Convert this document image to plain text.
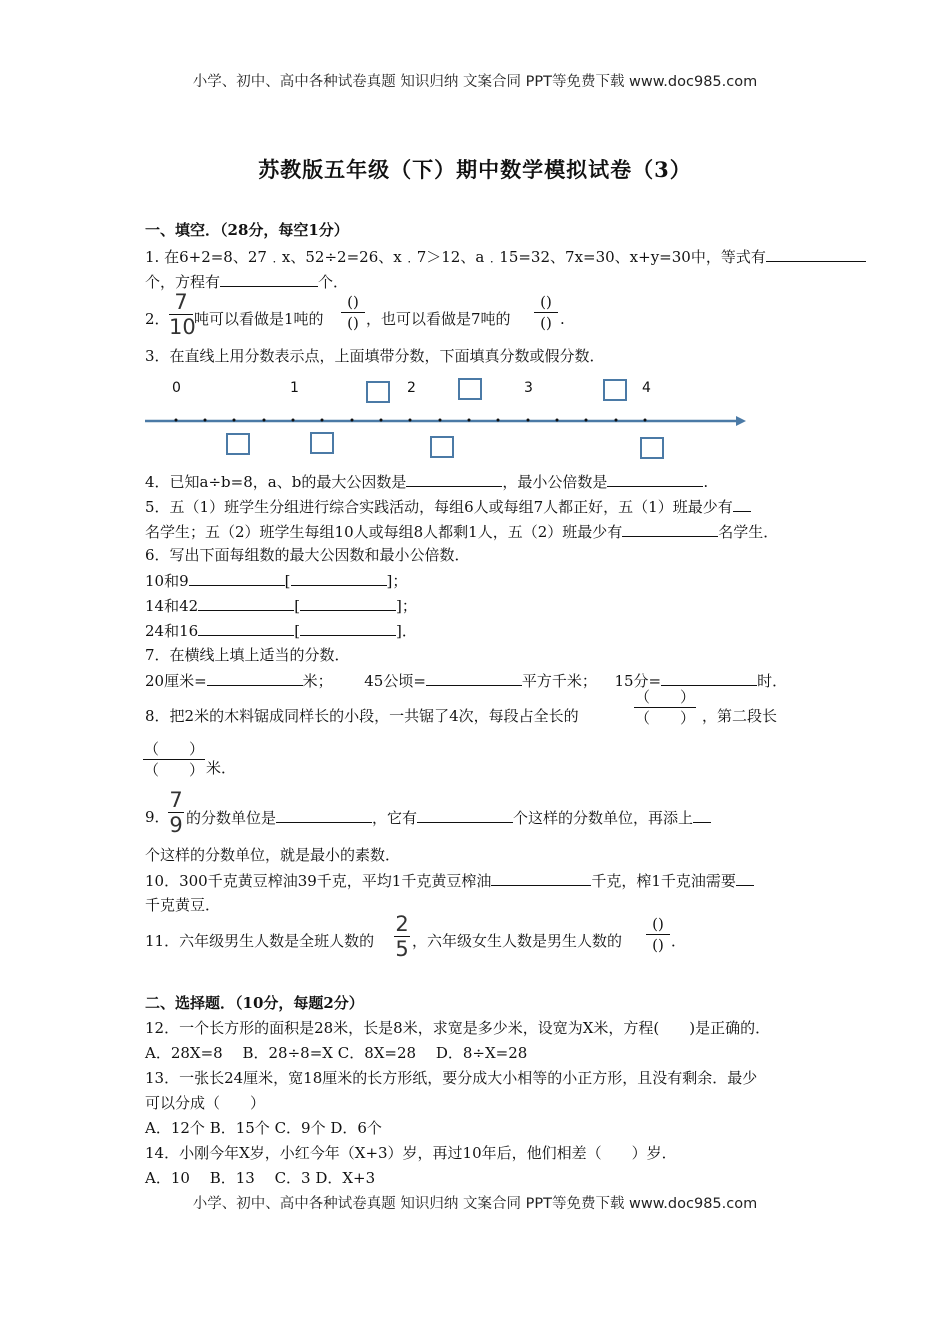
小学、初中、高中各种试卷真题 知识归纳 文案合同 PPT等免费下载 www.doc985.com
苏教版五年级（下）期中数学模拟试卷（3）
一、填空．（28分，每空1分）
1. 在6+2=8、27﹒x、52÷2=26、x﹒7＞12、a﹒15=32、7x=30、x+y=30中，等式有
个，方程有	个．
2．
7
10
吨可以看做是1吨的
()
() ，也可以看做是7吨的
()
() .
3．在直线上用分数表示点，上面填带分数，下面填真分数或假分数．
0	1	2	3	4
4．已知a÷b=8，a、b的最大公因数是	，最小公倍数是	.
5．五（1）班学生分组进行综合实践活动，每组6人或每组7人都正好，五（1）班最少有
名学生；五（2）班学生每组10人或每组8人都剩1人，五（2）班最少有	名学生．
6．写出下面每组数的最大公因数和最小公倍数．
10和9	[	]；
14和42	[	]；
24和16	[	]．
7．在横线上填上适当的分数．
20厘米=	米； 45公顷=	平方千米； 15分=	时．
8．把2米的木料锯成同样长的小段，一共锯了4次，每段占全长的
（　　）
（　　） ，第二段长
（　　）
（　　） 米．
9．
7
9 的分数单位是	，它有	个这样的分数单位，再添上
个这样的分数单位，就是最小的素数．
10．300千克黄豆榨油39千克，平均1千克黄豆榨油	千克，榨1千克油需要
千克黄豆．
11．六年级男生人数是全班人数的
2
5 ，六年级女生人数是男生人数的
()
() ．
二、选择题．（10分，每题2分）
12．一个长方形的面积是28米，长是8米，求宽是多少米，设宽为X米，方程(　　)是正确的．
A．28X=8　 B．28÷8=X C．8X=28　 D．8÷X=28
13．一张长24厘米，宽18厘米的长方形纸，要分成大小相等的小正方形，且没有剩余．最少
可以分成（　　）
A．12个 B．15个 C．9个 D．6个
14．小刚今年X岁，小红今年（X+3）岁，再过10年后，他们相差（　　）岁．
A．10　 B．13　 C．3 D．X+3
小学、初中、高中各种试卷真题 知识归纳 文案合同 PPT等免费下载 www.doc985.com
